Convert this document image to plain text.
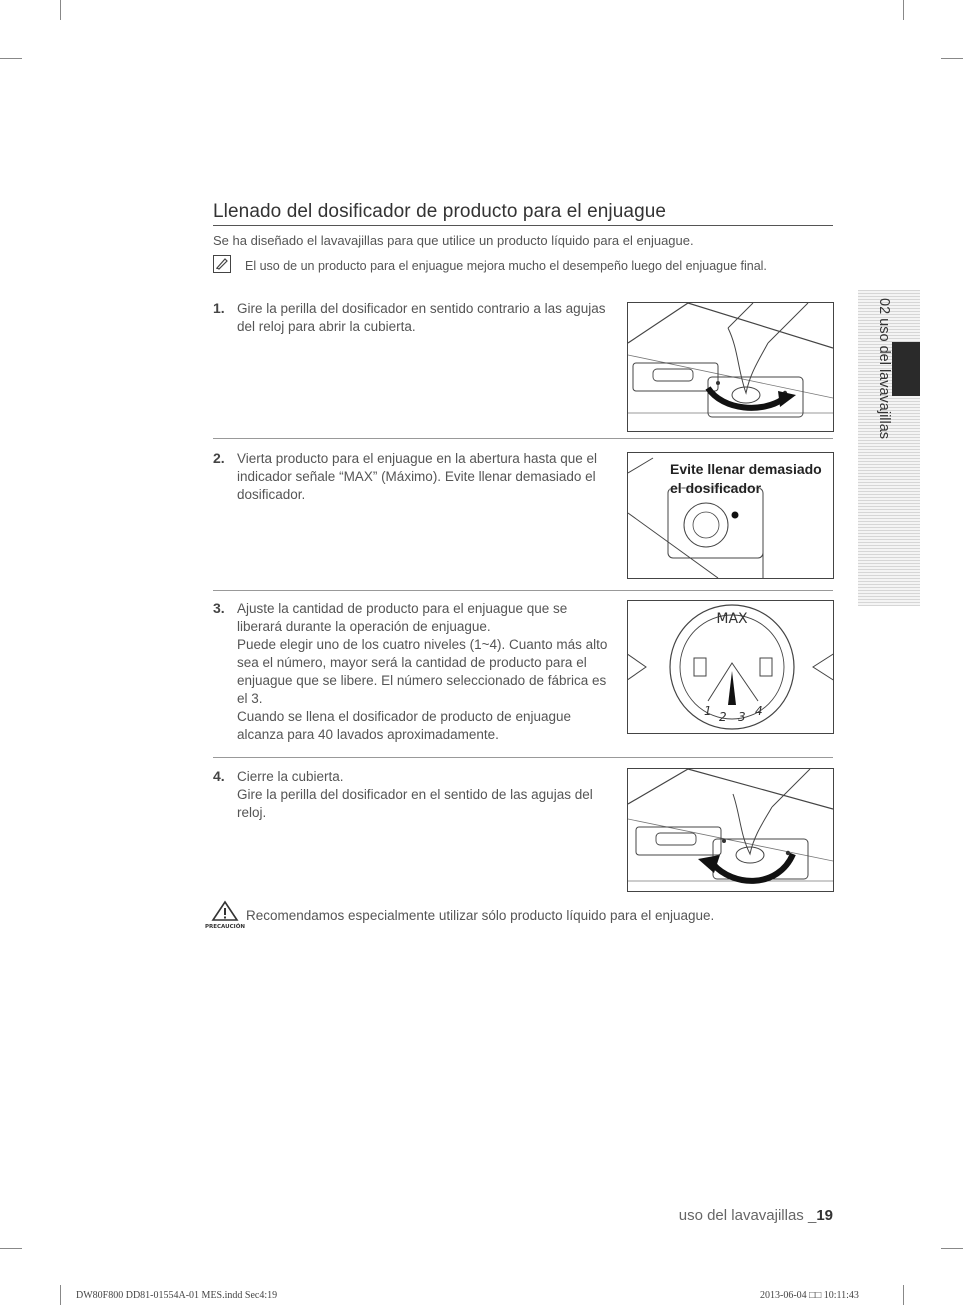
Llenado del dosificador de producto para el enjuague
Se ha diseñado el lavavajillas para que utilice un producto líquido para el enjuague.
El uso de un producto para el enjuague mejora mucho el desempeño luego del enjuague final.
1. Gire la perilla del dosificador en sentido contrario a las agujas del reloj para abrir la cubierta.

2. Vierta producto para el enjuague en la abertura hasta que el indicador señale “MAX” (Máximo). Evite llenar demasiado el dosificador.

Evite llenar demasiado
el dosificador
3. Ajuste la cantidad de producto para el enjuague que se liberará durante la operación de enjuague.

Puede elegir uno de los cuatro niveles (1~4). Cuanto más alto sea el número, mayor será la cantidad de producto para el enjuague que se libere. El número seleccionado de fábrica es el 3.

Cuando se llena el dosificador de producto de enjuague alcanza para 40 lavados aproximadamente.

MAX
1 2 3 4
4. Cierre la cubierta.

Gire la perilla del dosificador en el sentido de las agujas del reloj.

PRECAUCIÓN
Recomendamos especialmente utilizar sólo producto líquido para el enjuague.
02 uso del lavavajillas
uso del lavavajillas _19
DW80F800 DD81-01554A-01 MES.indd Sec4:19	2013-06-04 □□ 10:11:43
